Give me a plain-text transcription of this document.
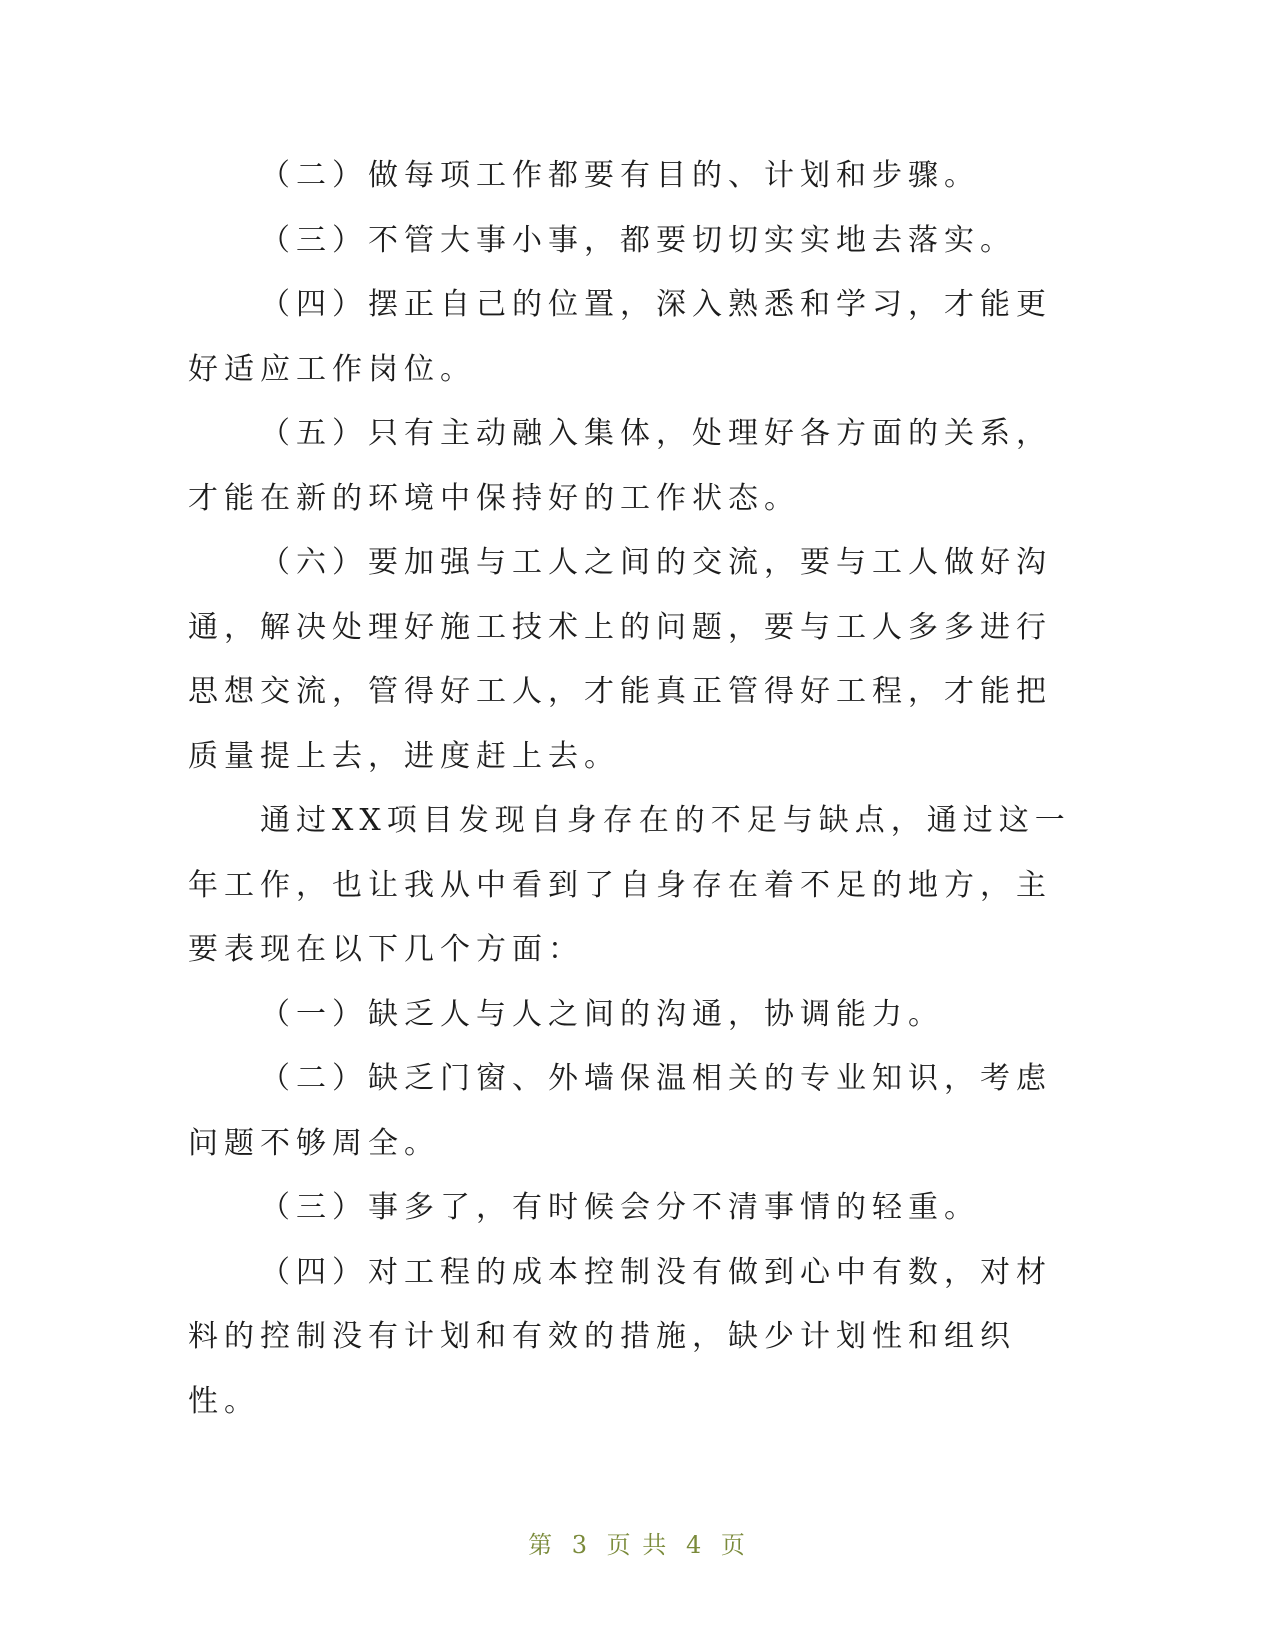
（二）做每项工作都要有目的、计划和步骤。

（三）不管大事小事，都要切切实实地去落实。

（四）摆正自己的位置，深入熟悉和学习，才能更好适应工作岗位。

（五）只有主动融入集体，处理好各方面的关系，才能在新的环境中保持好的工作状态。

（六）要加强与工人之间的交流，要与工人做好沟通，解决处理好施工技术上的问题，要与工人多多进行思想交流，管得好工人，才能真正管得好工程，才能把质量提上去，进度赶上去。

通过XX项目发现自身存在的不足与缺点，通过这一年工作，也让我从中看到了自身存在着不足的地方，主要表现在以下几个方面：

（一）缺乏人与人之间的沟通，协调能力。

（二）缺乏门窗、外墙保温相关的专业知识，考虑问题不够周全。

（三）事多了，有时候会分不清事情的轻重。

（四）对工程的成本控制没有做到心中有数，对材料的控制没有计划和有效的措施，缺少计划性和组织性。

第 3 页 共 4 页
